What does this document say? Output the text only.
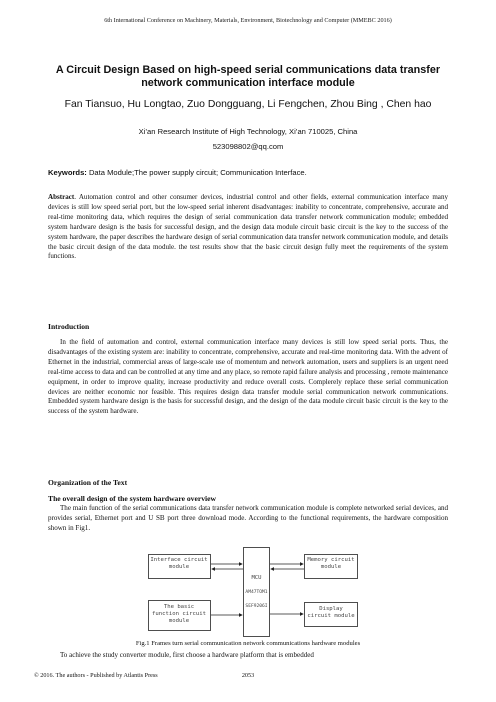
6th International Conference on Machinery, Materials, Environment, Biotechnology and Computer (MMEBC 2016)
A Circuit Design Based on high-speed serial communications data transfer network communication interface module
Fan Tiansuo, Hu Longtao, Zuo Dongguang, Li Fengchen, Zhou Bing , Chen hao
Xi’an Research Institute of High Technology, Xi’an 710025, China
523098802@qq.com
Keywords: Data Module;The power supply circuit; Communication Interface.
Abstract. Automation control and other consumer devices, industrial control and other fields, external communication interface many devices is still low speed serial port, but the low-speed serial inherent disadvantages: inability to concentrate, comprehensive, accurate and real-time monitoring data, which requires the design of serial communication data transfer network communication module; embedded system hardware design is the basis for successful design, and the design data module circuit basic circuit is the key to the success of the system hardware, the paper describes the hardware design of serial communication data transfer network communication module, and details the basic circuit design of the data module. the test results show that the basic circuit design fully meet the requirements of the system functions.
Introduction
In the field of automation and control, external communication interface many devices is still low speed serial ports. Thus, the disadvantages of the existing system are: inability to concentrate, comprehensive, accurate and real-time monitoring data. With the advent of Ethernet in the industrial, commercial areas of large-scale use of momentum and network automation, users and suppliers is an urgent need real-time access to data and can be controlled at any time and any place, so remote rapid failure analysis and processing , remote maintenance equipment, in order to improve quality, increase productivity and reduce overall costs. Complerely replace these serial communication devices are neither economic nor feasible. This requires design data transfer module serial communication network communications. Embedded system hardware design is the basis for successful design, and the design of the data module circuit basic circuit is the key to the success of the system hardware.
Organization of the Text
The overall design of the system hardware overview
The main function of the serial communications data transfer network communication module is complete networked serial devices, and provides serial, Ethernet port and U SB port three download mode. According to the functional requirements, the hardware composition shown in Fig1.
Interface circuit module
The basic function circuit module
MCU
AM47TOM1
SEF9206I
Memory circuit module
Display circuit module
Fig.1 Frames turn serial communication network communications hardware modules
To achieve the study converter module, first choose a hardware platform that is embedded
© 2016. The authors - Published by Atlantis Press	2053
